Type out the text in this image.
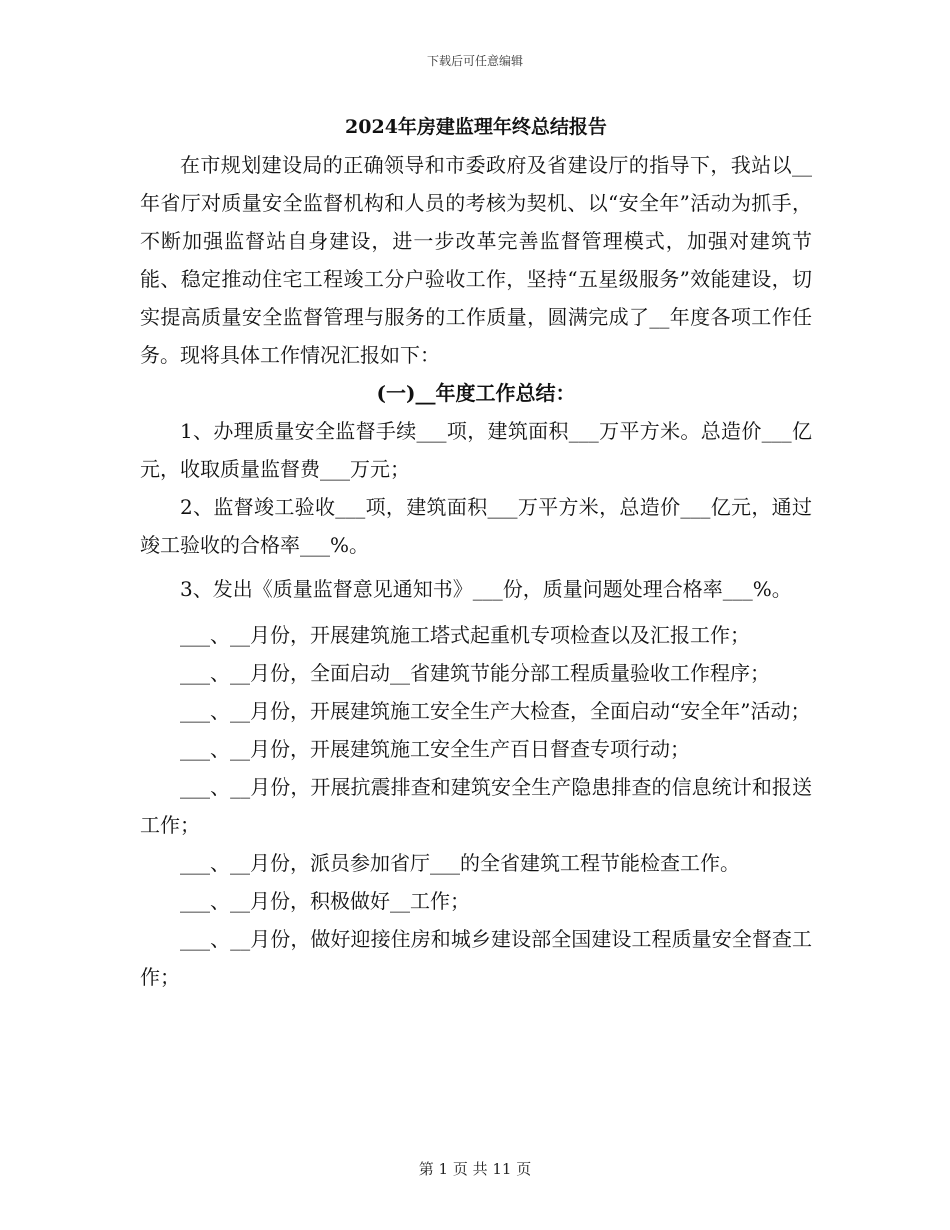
下载后可任意编辑

2024年房建监理年终总结报告

在市规划建设局的正确领导和市委政府及省建设厅的指导下，我站以__年省厅对质量安全监督机构和人员的考核为契机、以“安全年”活动为抓手，不断加强监督站自身建设，进一步改革完善监督管理模式，加强对建筑节能、稳定推动住宅工程竣工分户验收工作，坚持“五星级服务”效能建设，切实提高质量安全监督管理与服务的工作质量，圆满完成了__年度各项工作任务。现将具体工作情况汇报如下：

(一)__年度工作总结：

1、办理质量安全监督手续___项，建筑面积___万平方米。总造价___亿元，收取质量监督费___万元；

2、监督竣工验收___项，建筑面积___万平方米，总造价___亿元，通过竣工验收的合格率___%。

3、发出《质量监督意见通知书》___份，质量问题处理合格率___%。

___、__月份，开展建筑施工塔式起重机专项检查以及汇报工作；

___、__月份，全面启动__省建筑节能分部工程质量验收工作程序；

___、__月份，开展建筑施工安全生产大检查，全面启动“安全年”活动；

___、__月份，开展建筑施工安全生产百日督查专项行动；

___、__月份，开展抗震排查和建筑安全生产隐患排查的信息统计和报送工作；

___、__月份，派员参加省厅___的全省建筑工程节能检查工作。

___、__月份，积极做好__工作；

___、__月份，做好迎接住房和城乡建设部全国建设工程质量安全督查工作；

第 1 页 共 11 页
